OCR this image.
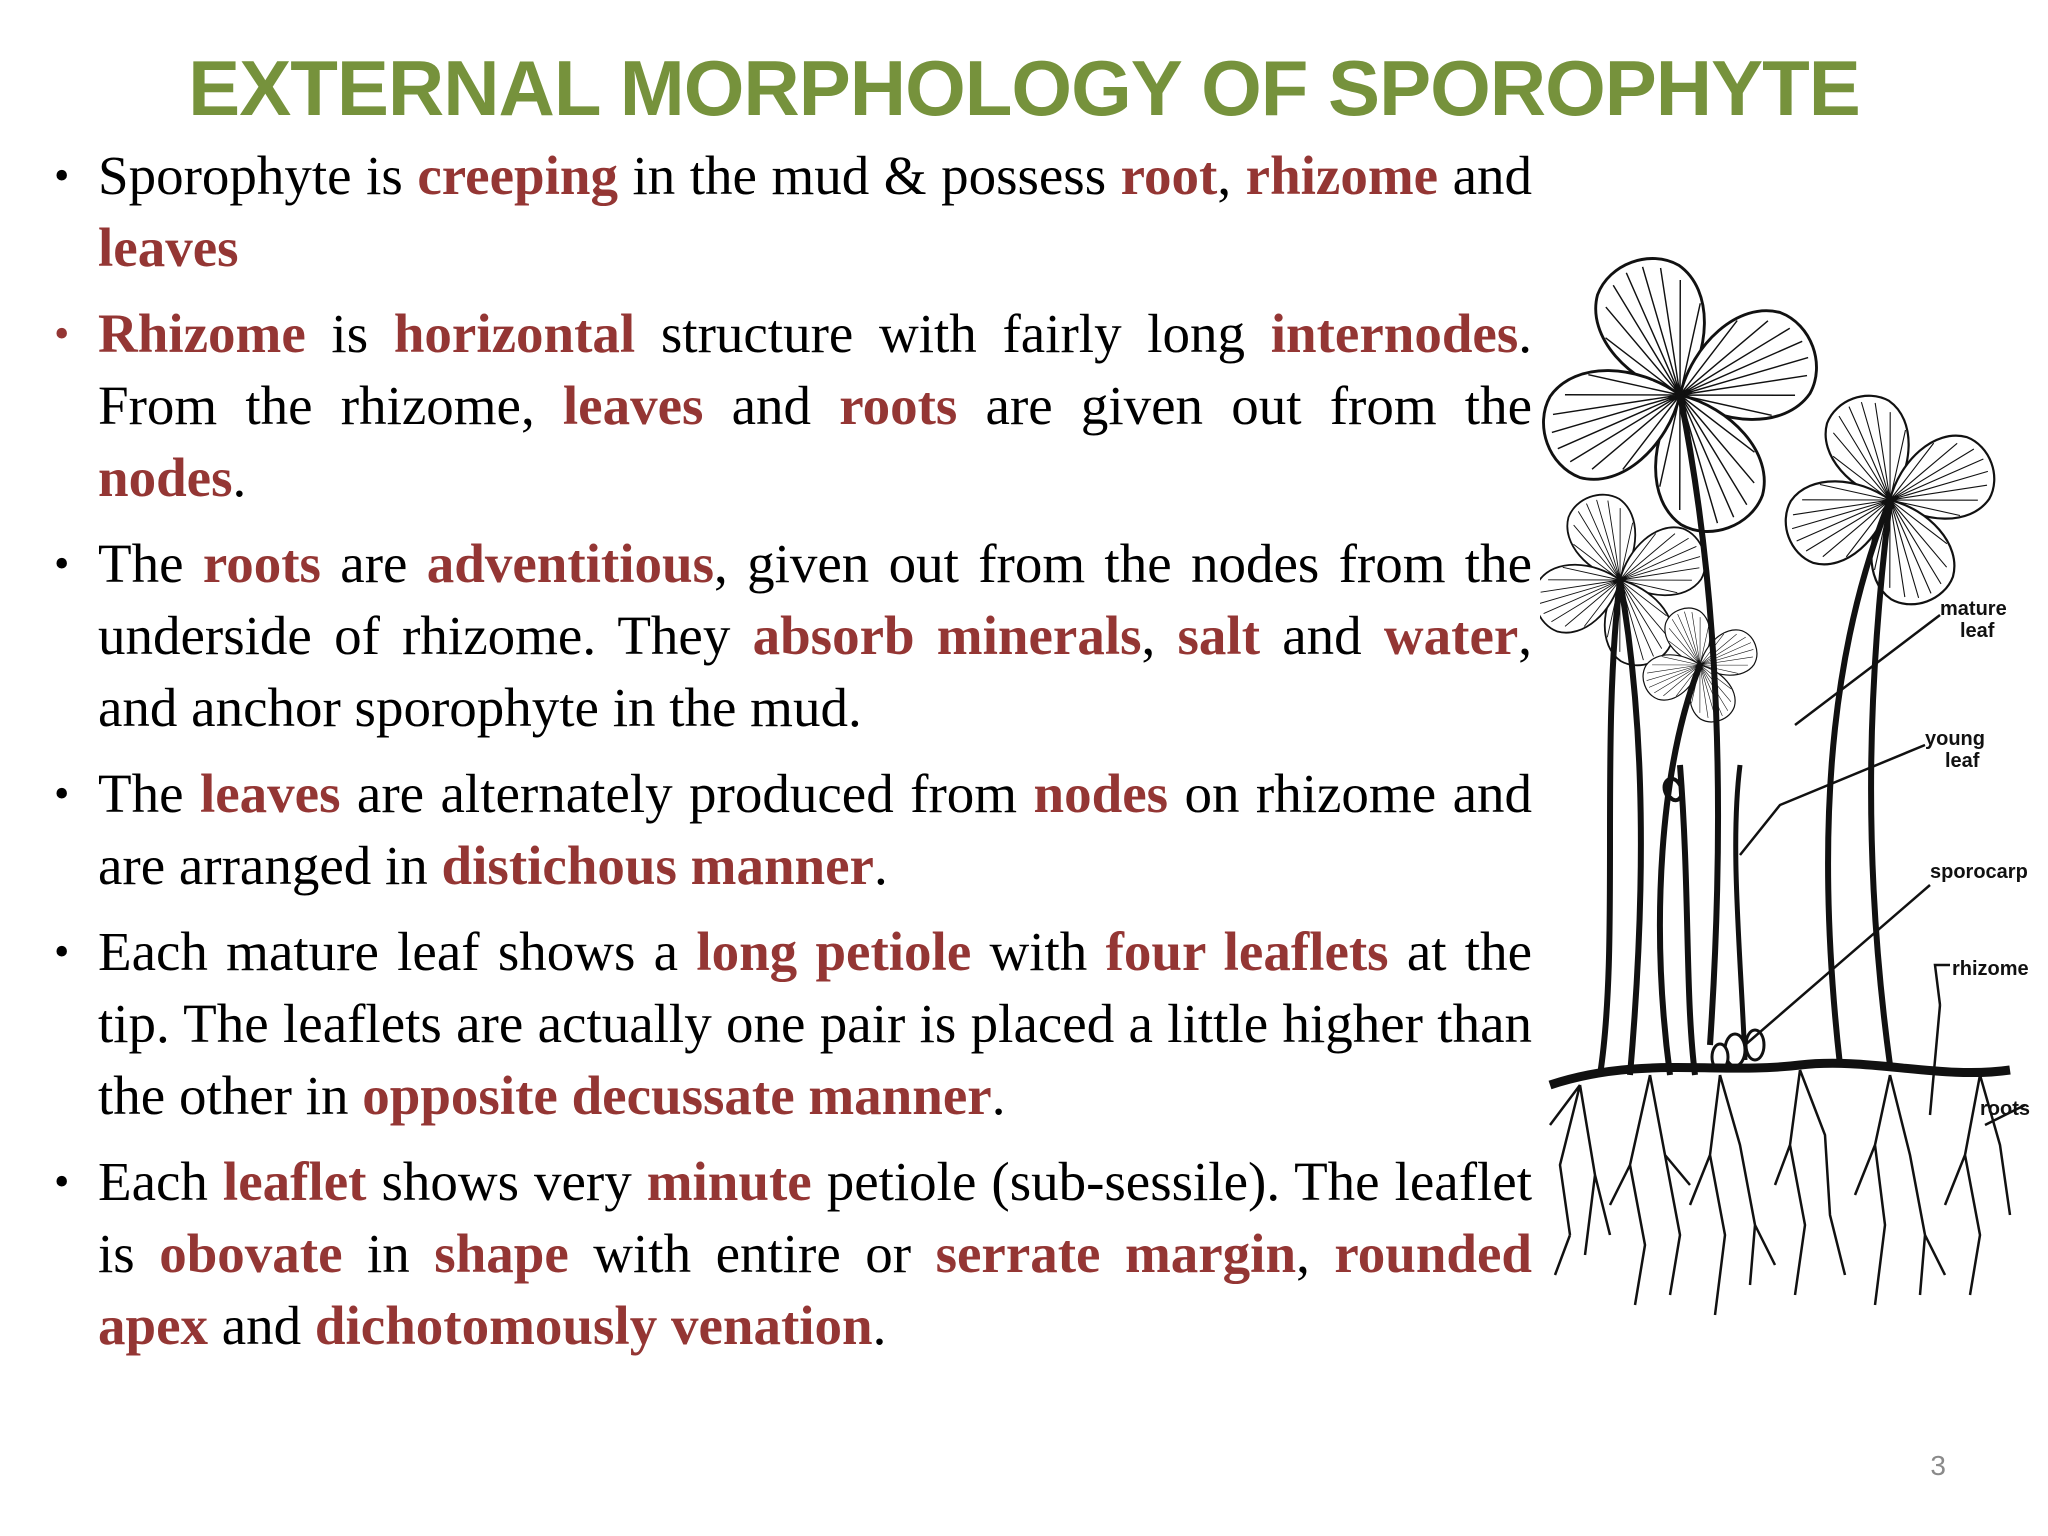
EXTERNAL MORPHOLOGY OF SPOROPHYTE
• Sporophyte is creeping in the mud & possess root, rhizome and leaves
• Rhizome is horizontal structure with fairly long internodes. From the rhizome, leaves and roots are given out from the nodes.
• The roots are adventitious, given out from the nodes from the underside of rhizome. They absorb minerals, salt and water, and anchor sporophyte in the mud.
• The leaves are alternately produced from nodes on rhizome and are arranged in distichous manner.
• Each mature leaf shows a long petiole with four leaflets at the tip. The leaflets are actually one pair is placed a little higher than the other in opposite decussate manner.
• Each leaflet shows very minute petiole (sub-sessile). The leaflet is obovate in shape with entire or serrate margin, rounded apex and dichotomously venation.
mature
leaf
young
leaf
sporocarp
rhizome
roots
3
